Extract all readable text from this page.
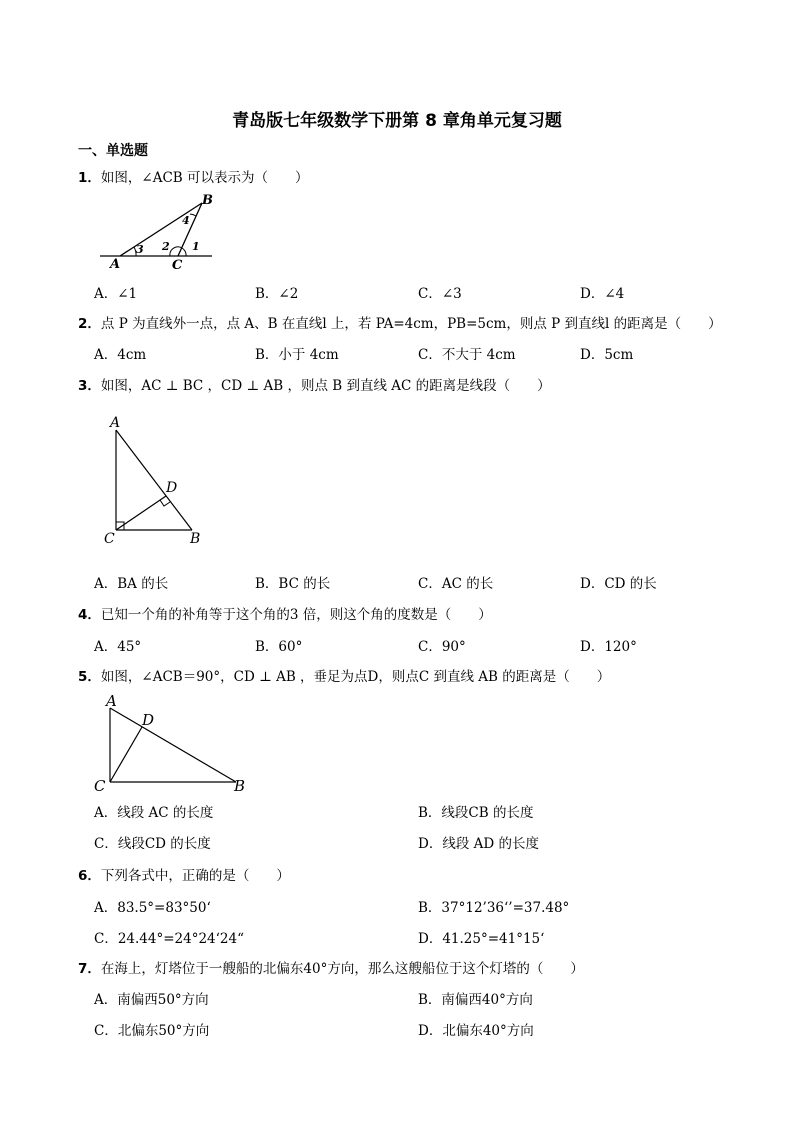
青岛版七年级数学下册第 8 章角单元复习题
一、单选题
1．如图，∠ACB 可以表示为（　　）
A
B
C
1
2
3
4
A．∠1	B．∠2	C．∠3	D．∠4
2．点 P 为直线外一点，点 A、B 在直线l 上，若 PA=4cm，PB=5cm，则点 P 到直线l 的距离是（　　）
A．4cm	B．小于 4cm	C．不大于 4cm	D．5cm
3．如图，AC ⊥ BC ，CD ⊥ AB ，则点 B 到直线 AC 的距离是线段（　　）
A
B
C
D
A．BA 的长	B．BC 的长	C．AC 的长	D．CD 的长
4．已知一个角的补角等于这个角的3 倍，则这个角的度数是（　　）
A．45°	B．60°	C．90°	D．120°
5．如图，∠ACB＝90°，CD ⊥ AB ，垂足为点D，则点C 到直线 AB 的距离是（　　）
A
B
C
D
A．线段 AC 的长度	B．线段CB 的长度
C．线段CD 的长度	D．线段 AD 的长度
6．下列各式中，正确的是（　　）
A．83.5°=83°50‘	B．37°12’36‘’=37.48°
C．24.44°=24°24‘24“	D．41.25°=41°15‘
7．在海上，灯塔位于一艘船的北偏东40°方向，那么这艘船位于这个灯塔的（　　）
A．南偏西50°方向	B．南偏西40°方向
C．北偏东50°方向	D．北偏东40°方向
